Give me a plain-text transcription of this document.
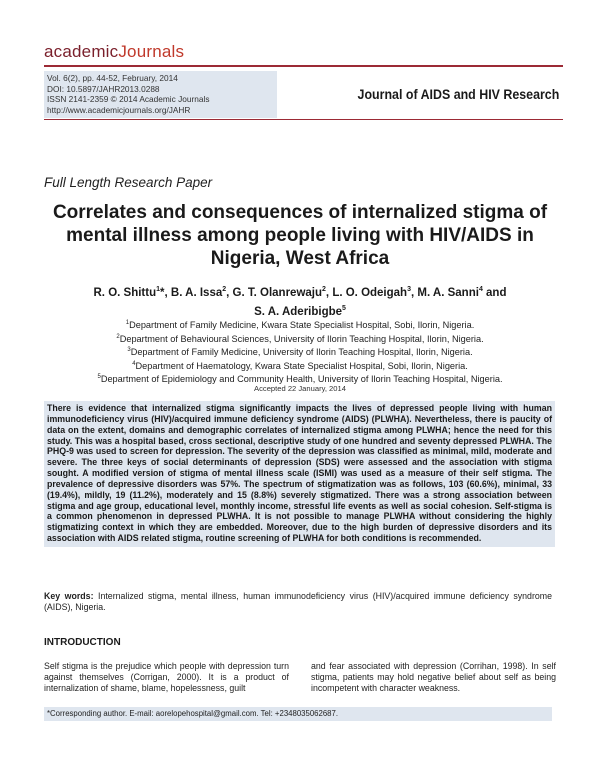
academicJournals
Vol. 6(2), pp. 44-52, February, 2014
DOI: 10.5897/JAHR2013.0288
ISSN 2141-2359 © 2014 Academic Journals
http://www.academicjournals.org/JAHR
Journal of AIDS and HIV Research
Full Length Research Paper
Correlates and consequences of internalized stigma of mental illness among people living with HIV/AIDS in Nigeria, West Africa
R. O. Shittu$^1$*, B. A. Issa$^2$, G. T. Olanrewaju$^2$, L. O. Odeigah$^3$, M. A. Sanni$^4$ and
S. A. Aderibigbe$^5$
$^1$Department of Family Medicine, Kwara State Specialist Hospital, Sobi, Ilorin, Nigeria.
$^2$Department of Behavioural Sciences, University of Ilorin Teaching Hospital, Ilorin, Nigeria.
$^3$Department of Family Medicine, University of Ilorin Teaching Hospital, Ilorin, Nigeria.
$^4$Department of Haematology, Kwara State Specialist Hospital, Sobi, Ilorin, Nigeria.
$^5$Department of Epidemiology and Community Health, University of Ilorin Teaching Hospital, Nigeria.
Accepted 22 January, 2014
There is evidence that internalized stigma significantly impacts the lives of depressed people living with human immunodeficiency virus (HIV)/acquired immune deficiency syndrome (AIDS) (PLWHA). Nevertheless, there is paucity of data on the extent, domains and demographic correlates of internalized stigma among PLWHA; hence the need for this study. This was a hospital based, cross sectional, descriptive study of one hundred and seventy depressed PLWHA. The PHQ-9 was used to screen for depression. The severity of the depression was classified as minimal, mild, moderate and severe. The three keys of social determinants of depression (SDS) were assessed and the association with stigma sought. A modified version of stigma of mental illness scale (ISMI) was used as a measure of their self stigma. The prevalence of depressive disorders was 57%. The spectrum of stigmatization was as follows, 103 (60.6%), minimal, 33 (19.4%), mildly, 19 (11.2%), moderately and 15 (8.8%) severely stigmatized. There was a strong association between stigma and age group, educational level, monthly income, stressful life events as well as social cohesion. Self-stigma is a common phenomenon in depressed PLWHA. It is not possible to manage PLWHA without considering the highly stigmatizing context in which they are embedded. Moreover, due to the high burden of depressive disorders and its association with AIDS related stigma, routine screening of PLWHA for both conditions is recommended.
Key words: Internalized stigma, mental illness, human immunodeficiency virus (HIV)/acquired immune deficiency syndrome (AIDS), Nigeria.
INTRODUCTION
Self stigma is the prejudice which people with depression turn against themselves (Corrigan, 2000). It is a product of internalization of shame, blame, hopelessness, guilt
and fear associated with depression (Corrihan, 1998). In self stigma, patients may hold negative belief about self as being incompetent with character weakness.
*Corresponding author. E-mail: aorelopehospital@gmail.com. Tel: +2348035062687.
